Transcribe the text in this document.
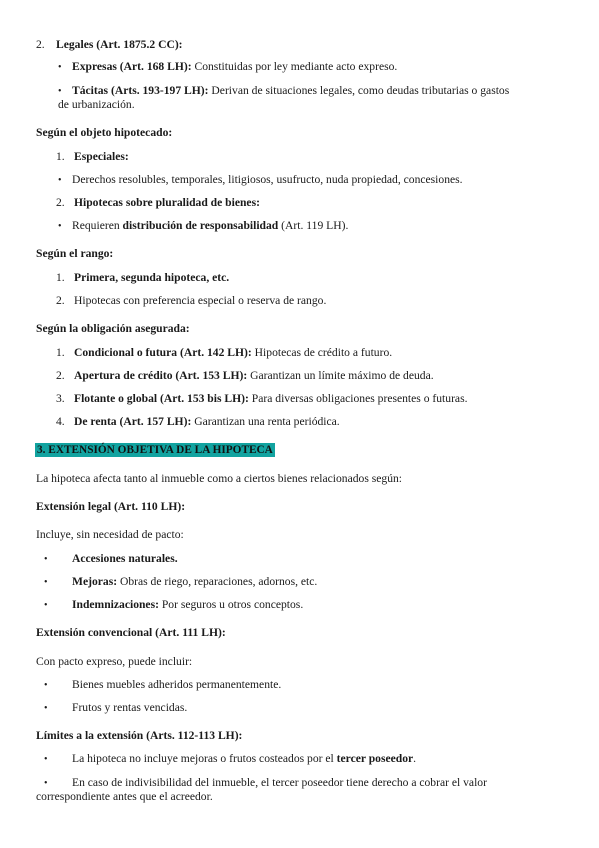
2. Legales (Art. 1875.2 CC):
• Expresas (Art. 168 LH): Constituidas por ley mediante acto expreso.
• Tácitas (Arts. 193-197 LH): Derivan de situaciones legales, como deudas tributarias o gastos
de urbanización.
Según el objeto hipotecado:
1. Especiales:
• Derechos resolubles, temporales, litigiosos, usufructo, nuda propiedad, concesiones.
2. Hipotecas sobre pluralidad de bienes:
• Requieren distribución de responsabilidad (Art. 119 LH).
Según el rango:
1. Primera, segunda hipoteca, etc.
2. Hipotecas con preferencia especial o reserva de rango.
Según la obligación asegurada:
1. Condicional o futura (Art. 142 LH): Hipotecas de crédito a futuro.
2. Apertura de crédito (Art. 153 LH): Garantizan un límite máximo de deuda.
3. Flotante o global (Art. 153 bis LH): Para diversas obligaciones presentes o futuras.
4. De renta (Art. 157 LH): Garantizan una renta periódica.
3. EXTENSIÓN OBJETIVA DE LA HIPOTECA
La hipoteca afecta tanto al inmueble como a ciertos bienes relacionados según:
Extensión legal (Art. 110 LH):
Incluye, sin necesidad de pacto:
• Accesiones naturales.
• Mejoras: Obras de riego, reparaciones, adornos, etc.
• Indemnizaciones: Por seguros u otros conceptos.
Extensión convencional (Art. 111 LH):
Con pacto expreso, puede incluir:
• Bienes muebles adheridos permanentemente.
• Frutos y rentas vencidas.
Límites a la extensión (Arts. 112-113 LH):
• La hipoteca no incluye mejoras o frutos costeados por el tercer poseedor.
• En caso de indivisibilidad del inmueble, el tercer poseedor tiene derecho a cobrar el valor
correspondiente antes que el acreedor.
